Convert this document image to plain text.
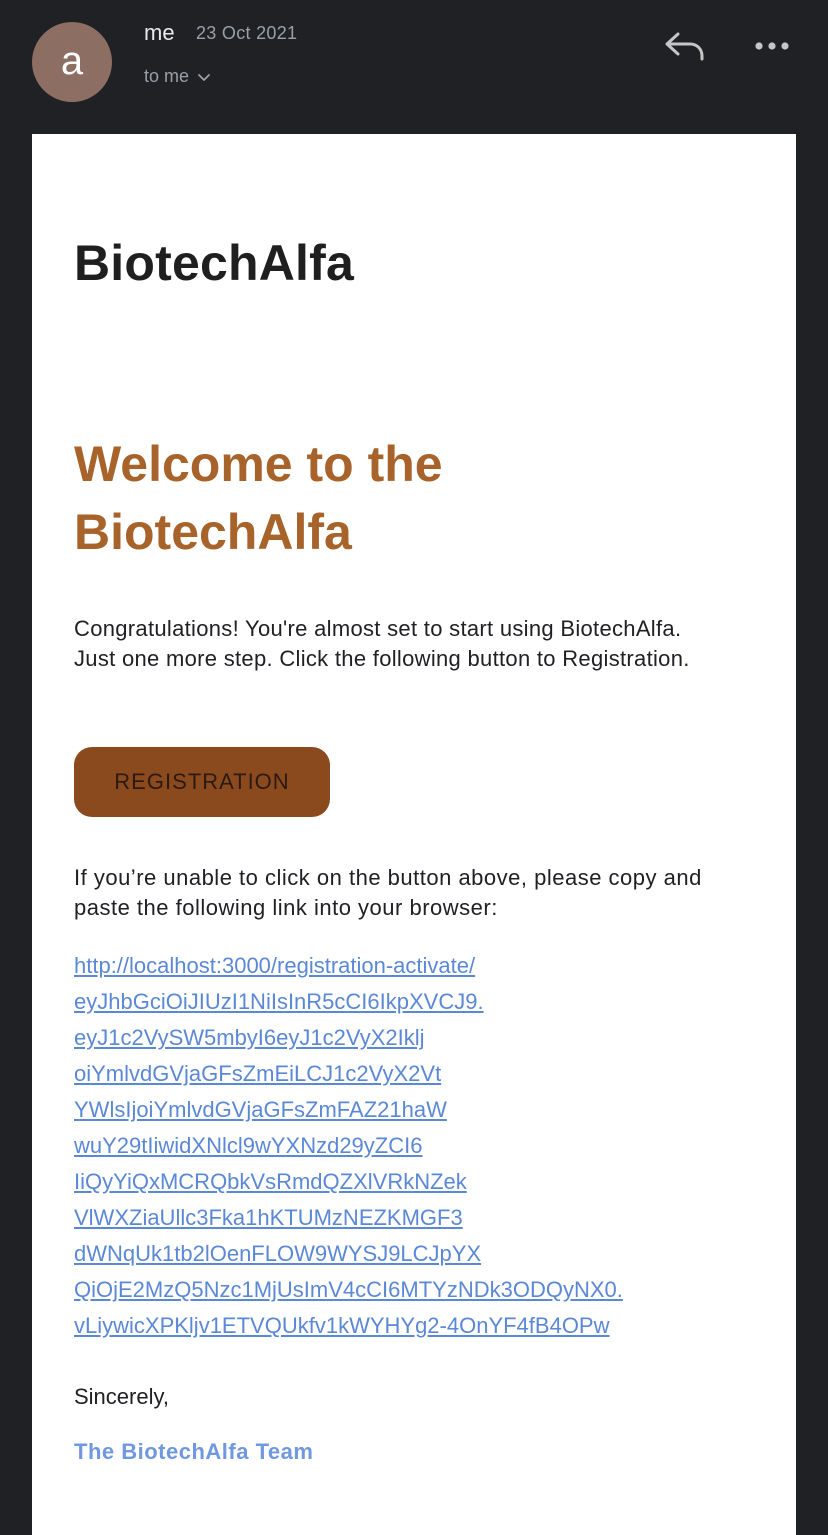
a
me 23 Oct 2021
to me
BiotechAlfa
Welcome to the
BiotechAlfa

Congratulations! You're almost set to start using BiotechAlfa. Just one more step. Click the following button to Registration.

REGISTRATION

If you’re unable to click on the button above, please copy and paste the following link into your browser:

http://localhost:3000/registration-activate/
eyJhbGciOiJIUzI1NiIsInR5cCI6IkpXVCJ9.
eyJ1c2VySW5mbyI6eyJ1c2VyX2Iklj
oiYmlvdGVjaGFsZmEiLCJ1c2VyX2Vt
YWlsIjoiYmlvdGVjaGFsZmFAZ21haW
wuY29tIiwidXNlcl9wYXNzd29yZCI6
IiQyYiQxMCRQbkVsRmdQZXlVRkNZek
VlWXZiaUllc3Fka1hKTUMzNEZKMGF3
dWNqUk1tb2lOenFLOW9WYSJ9LCJpYX
QiOjE2MzQ5Nzc1MjUsImV4cCI6MTYzNDk3ODQyNX0.
vLiywicXPKljv1ETVQUkfv1kWYHYg2-4OnYF4fB4OPw

Sincerely,

The BiotechAlfa Team
